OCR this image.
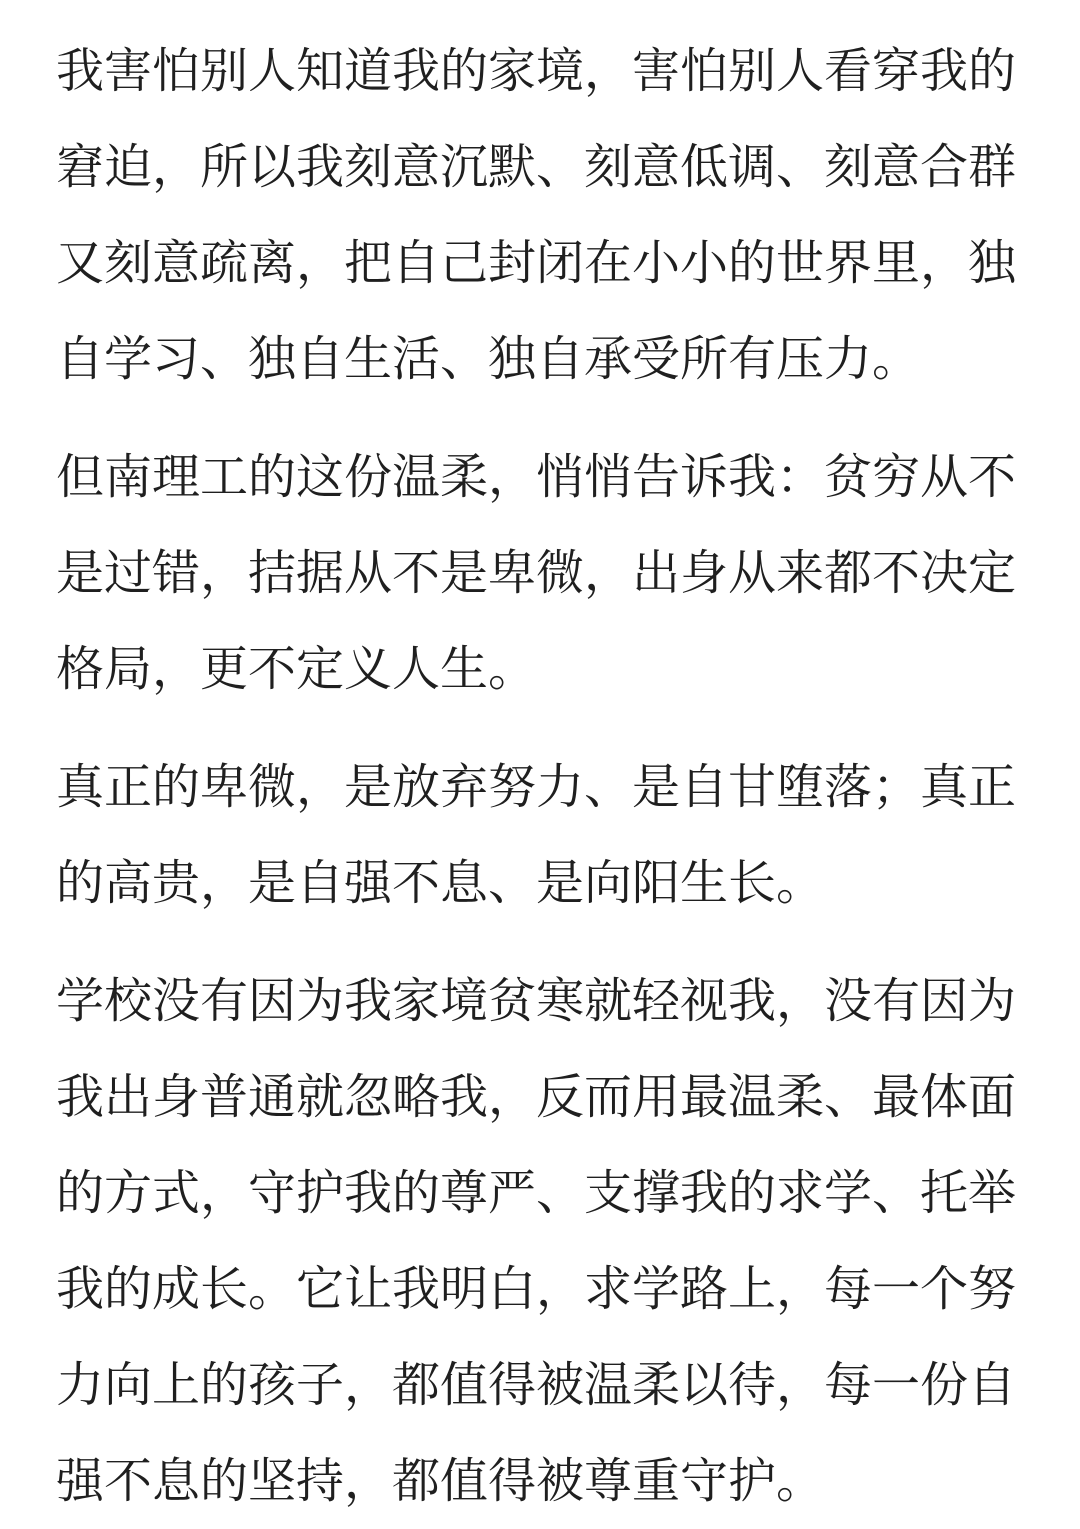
我害怕别人知道我的家境，害怕别人看穿我的
窘迫，所以我刻意沉默、刻意低调、刻意合群
又刻意疏离，把自己封闭在小小的世界里，独
自学习、独自生活、独自承受所有压力。
但南理工的这份温柔，悄悄告诉我：贫穷从不
是过错，拮据从不是卑微，出身从来都不决定
格局，更不定义人生。
真正的卑微，是放弃努力、是自甘堕落；真正
的高贵，是自强不息、是向阳生长。
学校没有因为我家境贫寒就轻视我，没有因为
我出身普通就忽略我，反而用最温柔、最体面
的方式，守护我的尊严、支撑我的求学、托举
我的成长。它让我明白，求学路上，每一个努
力向上的孩子，都值得被温柔以待，每一份自
强不息的坚持，都值得被尊重守护。
